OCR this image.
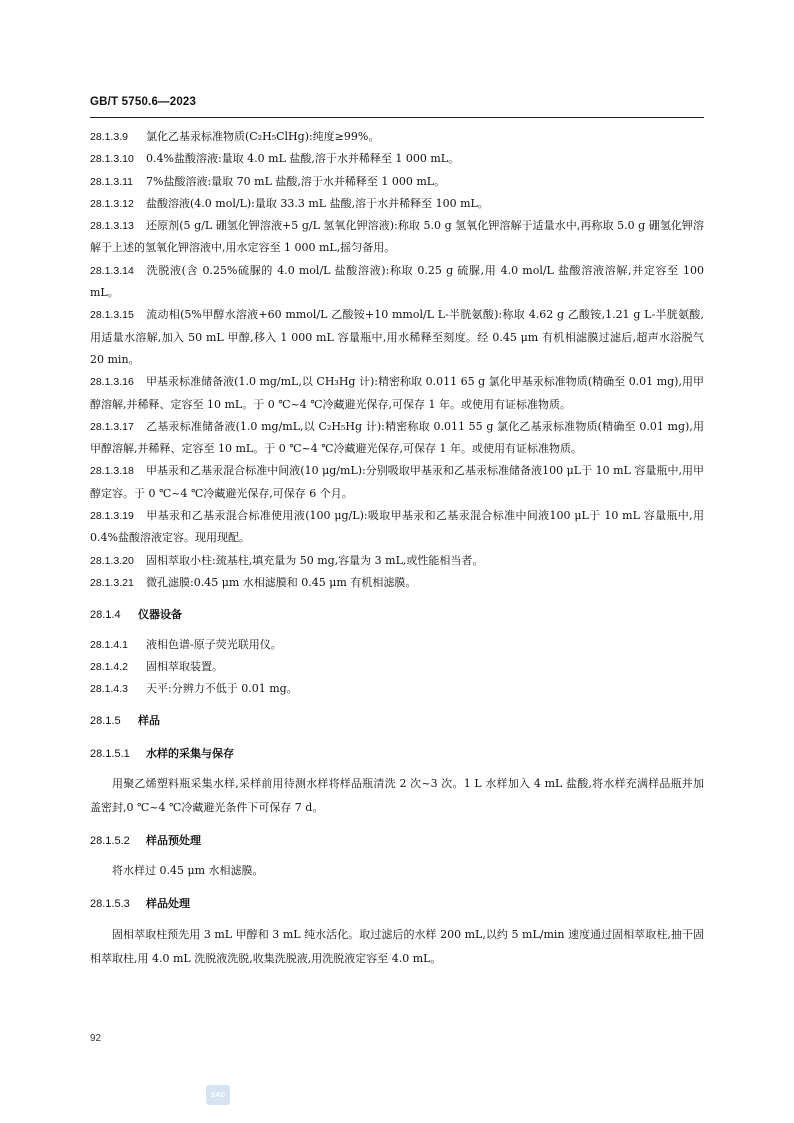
GB/T 5750.6—2023

28.1.3.9 氯化乙基汞标准物质(C₂H₅ClHg):纯度≥99%。

28.1.3.10 0.4%盐酸溶液:量取 4.0 mL 盐酸,溶于水并稀释至 1 000 mL。

28.1.3.11 7%盐酸溶液:量取 70 mL 盐酸,溶于水并稀释至 1 000 mL。

28.1.3.12 盐酸溶液(4.0 mol/L):量取 33.3 mL 盐酸,溶于水并稀释至 100 mL。

28.1.3.13 还原剂(5 g/L 硼氢化钾溶液+5 g/L 氢氧化钾溶液):称取 5.0 g 氢氧化钾溶解于适量水中,再称取 5.0 g 硼氢化钾溶解于上述的氢氧化钾溶液中,用水定容至 1 000 mL,摇匀备用。

28.1.3.14 洗脱液(含 0.25%硫脲的 4.0 mol/L 盐酸溶液):称取 0.25 g 硫脲,用 4.0 mol/L 盐酸溶液溶解,并定容至 100 mL。

28.1.3.15 流动相(5%甲醇水溶液+60 mmol/L 乙酸铵+10 mmol/L L-半胱氨酸):称取 4.62 g 乙酸铵,1.21 g L-半胱氨酸,用适量水溶解,加入 50 mL 甲醇,移入 1 000 mL 容量瓶中,用水稀释至刻度。经 0.45 μm 有机相滤膜过滤后,超声水浴脱气 20 min。

28.1.3.16 甲基汞标准储备液(1.0 mg/mL,以 CH₃Hg 计):精密称取 0.011 65 g 氯化甲基汞标准物质(精确至 0.01 mg),用甲醇溶解,并稀释、定容至 10 mL。于 0 ℃~4 ℃冷藏避光保存,可保存 1 年。或使用有证标准物质。

28.1.3.17 乙基汞标准储备液(1.0 mg/mL,以 C₂H₅Hg 计):精密称取 0.011 55 g 氯化乙基汞标准物质(精确至 0.01 mg),用甲醇溶解,并稀释、定容至 10 mL。于 0 ℃~4 ℃冷藏避光保存,可保存 1 年。或使用有证标准物质。

28.1.3.18 甲基汞和乙基汞混合标准中间液(10 μg/mL):分别吸取甲基汞和乙基汞标准储备液100 μL于 10 mL 容量瓶中,用甲醇定容。于 0 ℃~4 ℃冷藏避光保存,可保存 6 个月。

28.1.3.19 甲基汞和乙基汞混合标准使用液(100 μg/L):吸取甲基汞和乙基汞混合标准中间液100 μL于 10 mL 容量瓶中,用 0.4%盐酸溶液定容。现用现配。

28.1.3.20 固相萃取小柱:巯基柱,填充量为 50 mg,容量为 3 mL,或性能相当者。

28.1.3.21 微孔滤膜:0.45 μm 水相滤膜和 0.45 μm 有机相滤膜。

28.1.4 仪器设备

28.1.4.1 液相色谱-原子荧光联用仪。

28.1.4.2 固相萃取装置。

28.1.4.3 天平:分辨力不低于 0.01 mg。

28.1.5 样品
28.1.5.1 水样的采集与保存

用聚乙烯塑料瓶采集水样,采样前用待测水样将样品瓶清洗 2 次~3 次。1 L 水样加入 4 mL 盐酸,将水样充满样品瓶并加盖密封,0 ℃~4 ℃冷藏避光条件下可保存 7 d。

28.1.5.2 样品预处理

将水样过 0.45 μm 水相滤膜。

28.1.5.3 样品处理

固相萃取柱预先用 3 mL 甲醇和 3 mL 纯水活化。取过滤后的水样 200 mL,以约 5 mL/min 速度通过固相萃取柱,抽干固相萃取柱,用 4.0 mL 洗脱液洗脱,收集洗脱液,用洗脱液定容至 4.0 mL。

92
SAC
